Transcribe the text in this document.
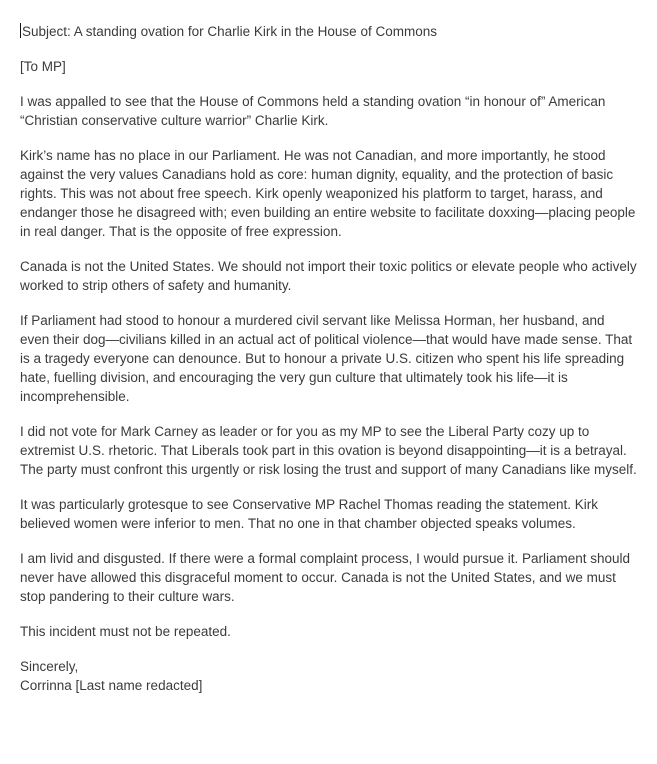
Subject: A standing ovation for Charlie Kirk in the House of Commons

[To MP]

I was appalled to see that the House of Commons held a standing ovation “in honour of” American “Christian conservative culture warrior” Charlie Kirk.

Kirk’s name has no place in our Parliament. He was not Canadian, and more importantly, he stood against the very values Canadians hold as core: human dignity, equality, and the protection of basic rights. This was not about free speech. Kirk openly weaponized his platform to target, harass, and endanger those he disagreed with; even building an entire website to facilitate doxxing—placing people in real danger. That is the opposite of free expression.

Canada is not the United States. We should not import their toxic politics or elevate people who actively worked to strip others of safety and humanity.

If Parliament had stood to honour a murdered civil servant like Melissa Horman, her husband, and even their dog—civilians killed in an actual act of political violence—that would have made sense. That is a tragedy everyone can denounce. But to honour a private U.S. citizen who spent his life spreading hate, fuelling division, and encouraging the very gun culture that ultimately took his life—it is incomprehensible.

I did not vote for Mark Carney as leader or for you as my MP to see the Liberal Party cozy up to extremist U.S. rhetoric. That Liberals took part in this ovation is beyond disappointing—it is a betrayal. The party must confront this urgently or risk losing the trust and support of many Canadians like myself.

It was particularly grotesque to see Conservative MP Rachel Thomas reading the statement. Kirk believed women were inferior to men. That no one in that chamber objected speaks volumes.

I am livid and disgusted. If there were a formal complaint process, I would pursue it. Parliament should never have allowed this disgraceful moment to occur. Canada is not the United States, and we must stop pandering to their culture wars.

This incident must not be repeated.

Sincerely,
Corrinna [Last name redacted]
